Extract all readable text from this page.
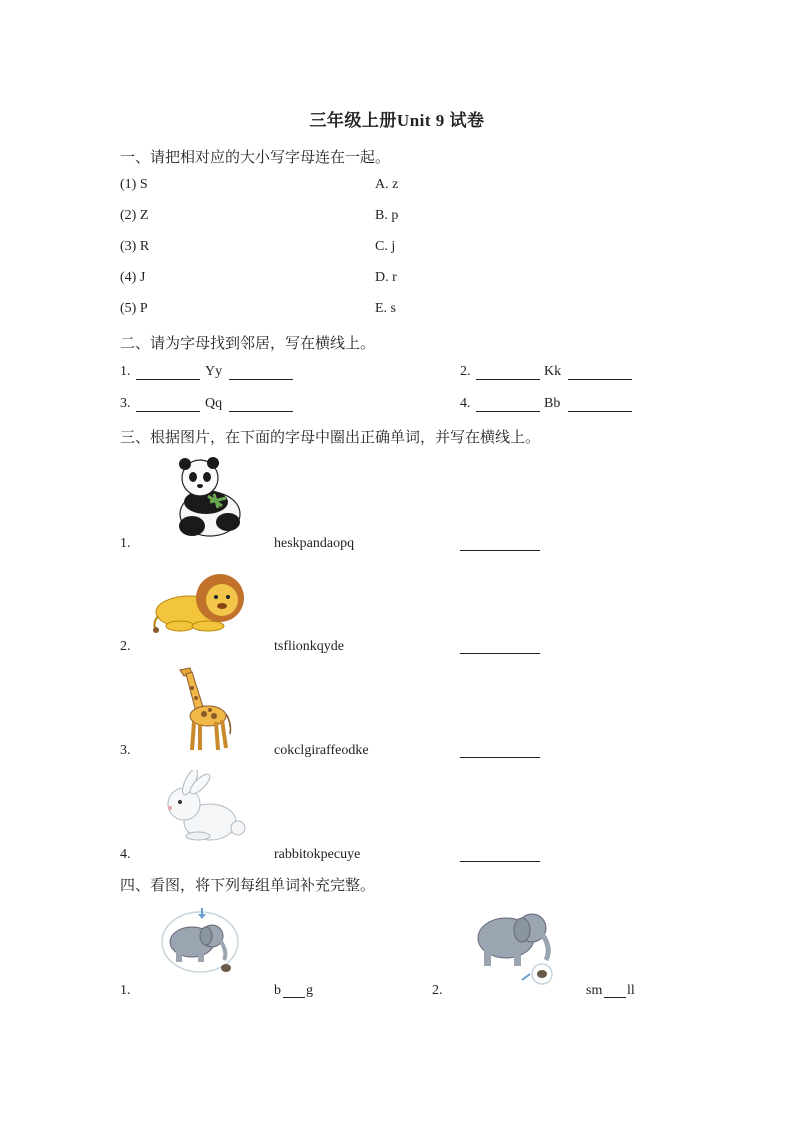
三年级上册Unit 9 试卷
一、请把相对应的大小写字母连在一起。
(1) S	A. z
(2) Z	B. p
(3) R	C. j
(4) J	D. r
(5) P	E. s
二、请为字母找到邻居，写在横线上。
1.	Yy	2.	Kk
3.	Qq	4.	Bb
三、根据图片，在下面的字母中圈出正确单词，并写在横线上。
1.	heskpandaopq
2.	tsflionkqyde
3.	cokclgiraffeodke
4.	rabbitokpecuye
四、看图，将下列每组单词补充完整。
1.	b g	2.	sm ll
